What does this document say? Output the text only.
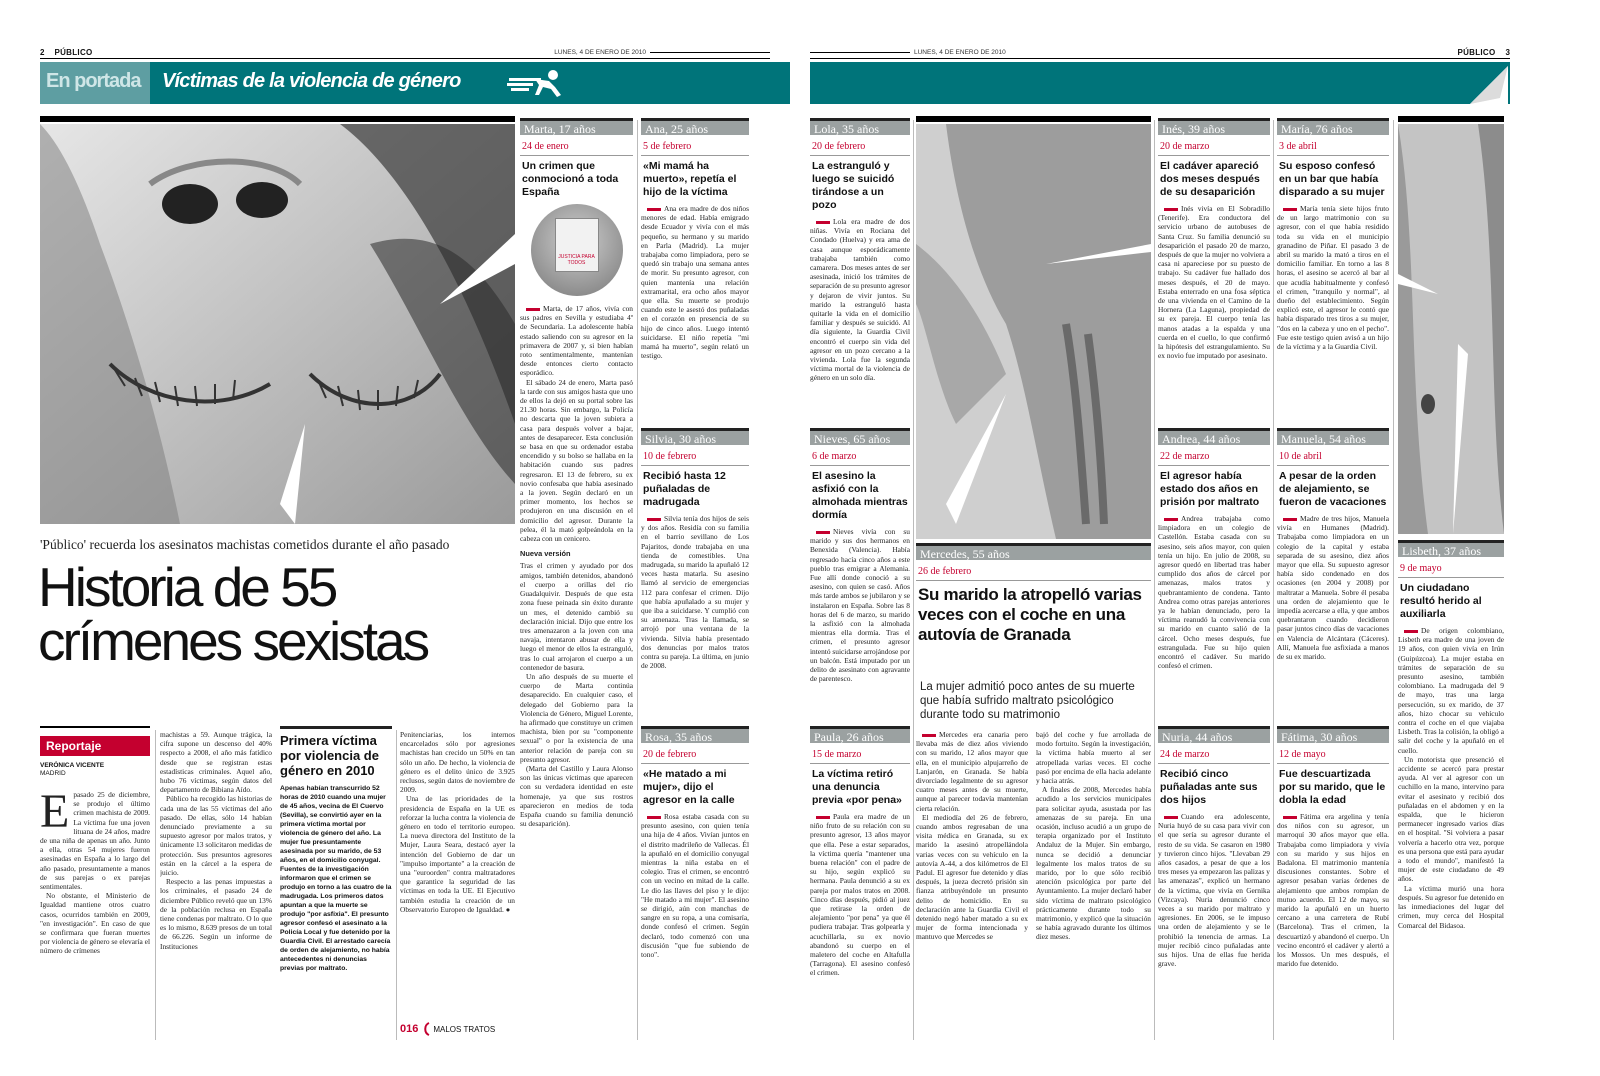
2 PÚBLICO	LUNES, 4 DE ENERO DE 2010
En portada Víctimas de la violencia de género
'Público' recuerda los asesinatos machistas cometidos durante el año pasado
Historia de 55
crímenes sexistas
Reportaje
VERÓNICA VICENTE
MADRID
E pasado 25 de diciembre, se produjo el último crimen machista de 2009. La víctima fue una joven lituana de 24 años, madre de una niña de apenas un año. Junto a ella, otras 54 mujeres fueron asesinadas en España a lo largo del año pasado, presuntamente a manos de sus parejas o ex parejas sentimentales.

No obstante, el Ministerio de Igualdad mantiene otros cuatro casos, ocurridos también en 2009, "en investigación". En caso de que se confirmara que fueran muertes por violencia de género se elevaría el número de crímenes

machistas a 59. Aunque trágica, la cifra supone un descenso del 40% respecto a 2008, el año más fatídico desde que se registran estas estadísticas criminales. Aquel año, hubo 76 víctimas, según datos del departamento de Bibiana Aído.

Público ha recogido las historias de cada una de las 55 víctimas del año pasado. De ellas, sólo 14 habían denunciado previamente a su supuesto agresor por malos tratos, y únicamente 13 solicitaron medidas de protección. Sus presuntos agresores están en la cárcel a la espera de juicio.

Respecto a las penas impuestas a los criminales, el pasado 24 de diciembre Público reveló que un 13% de la población reclusa en España tiene condenas por maltrato. O lo que es lo mismo, 8.639 presos de un total de 66.226. Según un informe de Instituciones

Primera víctima por violencia de género en 2010
Apenas habían transcurrido 52 horas de 2010 cuando una mujer de 45 años, vecina de El Cuervo (Sevilla), se convirtió ayer en la primera víctima mortal por violencia de género del año. La mujer fue presuntamente asesinada por su marido, de 53 años, en el domicilio conyugal. Fuentes de la investigación informaron que el crimen se produjo en torno a las cuatro de la madrugada. Los primeros datos apuntan a que la muerte se produjo "por asfixia". El presunto agresor confesó el asesinato a la Policía Local y fue detenido por la Guardia Civil. El arrestado carecía de orden de alejamiento, no había antecedentes ni denuncias previas por maltrato.

Penitenciarias, los internos encarcelados sólo por agresiones machistas han crecido un 50% en tan sólo un año. De hecho, la violencia de género es el delito único de 3.925 reclusos, según datos de noviembre de 2009.

Una de las prioridades de la presidencia de España en la UE es reforzar la lucha contra la violencia de género en todo el territorio europeo. La nueva directora del Instituto de la Mujer, Laura Seara, destacó ayer la intención del Gobierno de dar un "impulso importante" a la creación de una "euroorden" contra maltratadores que garantice la seguridad de las víctimas en toda la UE. El Ejecutivo también estudia la creación de un Observatorio Europeo de Igualdad. ●

016 MALOS TRATOS
Marta, 17 años
24 de enero
Un crimen que conmocionó a toda España
JUSTICIA PARA TODOS

Marta, de 17 años, vivía con sus padres en Sevilla y estudiaba 4º de Secundaria. La adolescente había estado saliendo con su agresor en la primavera de 2007 y, si bien habían roto sentimentalmente, mantenían desde entonces cierto contacto esporádico.

El sábado 24 de enero, Marta pasó la tarde con sus amigos hasta que uno de ellos la dejó en su portal sobre las 21.30 horas. Sin embargo, la Policía no descarta que la joven subiera a casa para después volver a bajar, antes de desaparecer. Esta conclusión se basa en que su ordenador estaba encendido y su bolso se hallaba en la habitación cuando sus padres regresaron. El 13 de febrero, su ex novio confesaba que había asesinado a la joven. Según declaró en un primer momento, los hechos se produjeron en una discusión en el domicilio del agresor. Durante la pelea, él la mató golpeándola en la cabeza con un cenicero.

Nueva versión

Tras el crimen y ayudado por dos amigos, también detenidos, abandonó el cuerpo a orillas del río Guadalquivir. Después de que esta zona fuese peinada sin éxito durante un mes, el detenido cambió su declaración inicial. Dijo que entre los tres amenazaron a la joven con una navaja, intentaron abusar de ella y luego el menor de ellos la estranguló, tras lo cual arrojaron el cuerpo a un contenedor de basura.

Un año después de su muerte el cuerpo de Marta continúa desaparecido. En cualquier caso, el delegado del Gobierno para la Violencia de Género, Miguel Lorente, ha afirmado que constituye un crimen machista, bien por su "componente sexual" o por la existencia de una anterior relación de pareja con su presunto agresor.

(Marta del Castillo y Laura Alonso son las únicas víctimas que aparecen con su verdadera identidad en este homenaje, ya que sus rostros aparecieron en medios de toda España cuando su familia denunció su desaparición).

Ana, 25 años
5 de febrero
«Mi mamá ha muerto», repetía el hijo de la víctima

Ana era madre de dos niños menores de edad. Había emigrado desde Ecuador y vivía con el más pequeño, su hermano y su marido en Parla (Madrid). La mujer trabajaba como limpiadora, pero se quedó sin trabajo una semana antes de morir. Su presunto agresor, con quien mantenía una relación extramarital, era ocho años mayor que ella. Su muerte se produjo cuando este le asestó dos puñaladas en el corazón en presencia de su hijo de cinco años. Luego intentó suicidarse. El niño repetía "mi mamá ha muerto", según relató un testigo.

Silvia, 30 años
10 de febrero
Recibió hasta 12 puñaladas de madrugada

Silvia tenía dos hijos de seis y dos años. Residía con su familia en el barrio sevillano de Los Pajaritos, donde trabajaba en una tienda de comestibles. Una madrugada, su marido la apuñaló 12 veces hasta matarla. Su asesino llamó al servicio de emergencias 112 para confesar el crimen. Dijo que había apuñalado a su mujer y que iba a suicidarse. Y cumplió con su amenaza. Tras la llamada, se arrojó por una ventana de la vivienda. Silvia había presentado dos denuncias por malos tratos contra su pareja. La última, en junio de 2008.

Rosa, 35 años
20 de febrero
«He matado a mi mujer», dijo el agresor en la calle

Rosa estaba casada con su presunto asesino, con quien tenía una hija de 4 años. Vivían juntos en el distrito madrileño de Vallecas. Él la apuñaló en el domicilio conyugal mientras la niña estaba en el colegio. Tras el crimen, se encontró con un vecino en mitad de la calle. Le dio las llaves del piso y le dijo: "He matado a mi mujer". El asesino se dirigió, aún con manchas de sangre en su ropa, a una comisaría, donde confesó el crimen. Según declaró, todo comenzó con una discusión "que fue subiendo de tono".

LUNES, 4 DE ENERO DE 2010	PÚBLICO 3
Lola, 35 años
20 de febrero
La estranguló y luego se suicidó tirándose a un pozo

Lola era madre de dos niñas. Vivía en Rociana del Condado (Huelva) y era ama de casa aunque esporádicamente trabajaba también como camarera. Dos meses antes de ser asesinada, inició los trámites de separación de su presunto agresor y dejaron de vivir juntos. Su marido la estranguló hasta quitarle la vida en el domicilio familiar y después se suicidó. Al día siguiente, la Guardia Civil encontró el cuerpo sin vida del agresor en un pozo cercano a la vivienda. Lola fue la segunda víctima mortal de la violencia de género en un solo día.

Nieves, 65 años
6 de marzo
El asesino la asfixió con la almohada mientras dormía

Nieves vivía con su marido y sus dos hermanos en Benexida (Valencia). Había regresado hacía cinco años a este pueblo tras emigrar a Alemania. Fue allí donde conoció a su asesino, con quien se casó. Años más tarde ambos se jubilaron y se instalaron en España. Sobre las 8 horas del 6 de marzo, su marido la asfixió con la almohada mientras ella dormía. Tras el crimen, el presunto agresor intentó suicidarse arrojándose por un balcón. Está imputado por un delito de asesinato con agravante de parentesco.

Paula, 26 años
15 de marzo
La víctima retiró una denuncia previa «por pena»

Paula era madre de un niño fruto de su relación con su presunto agresor, 13 años mayor que ella. Pese a estar separados, la víctima quería "mantener una buena relación" con el padre de su hijo, según explicó su hermana. Paula denunció a su ex pareja por malos tratos en 2008. Cinco días después, pidió al juez que retirase la orden de alejamiento "por pena" ya que él pudiera trabajar. Tras golpearla y acuchillarla, su ex novio abandonó su cuerpo en el maletero del coche en Altafulla (Tarragona). El asesino confesó el crimen.

Mercedes, 55 años
26 de febrero
Su marido la atropelló varias veces con el coche en una autovía de Granada
La mujer admitió poco antes de su muerte que había sufrido maltrato psicológico durante todo su matrimonio

Mercedes era canaria pero llevaba más de diez años viviendo con su marido, 12 años mayor que ella, en el municipio alpujarreño de Lanjarón, en Granada. Se había divorciado legalmente de su agresor cuatro meses antes de su muerte, aunque al parecer todavía mantenían cierta relación.

El mediodía del 26 de febrero, cuando ambos regresaban de una visita médica en Granada, su ex marido la asesinó atropellándola varias veces con su vehículo en la autovía A-44, a dos kilómetros de El Padul. El agresor fue detenido y días después, la jueza decretó prisión sin fianza atribuyéndole un presunto delito de homicidio. En su declaración ante la Guardia Civil el detenido negó haber matado a su ex mujer de forma intencionada y mantuvo que Mercedes se

bajó del coche y fue arrollada de modo fortuito. Según la investigación, la víctima había muerto al ser atropellada varias veces. El coche pasó por encima de ella hacia adelante y hacia atrás.

A finales de 2008, Mercedes había acudido a los servicios municipales para solicitar ayuda, asustada por las amenazas de su pareja. En una ocasión, incluso acudió a un grupo de terapia organizado por el Instituto Andaluz de la Mujer. Sin embargo, nunca se decidió a denunciar legalmente los malos tratos de su marido, por lo que sólo recibió atención psicológica por parte del Ayuntamiento. La mujer declaró haber sido víctima de maltrato psicológico prácticamente durante todo su matrimonio, y explicó que la situación se había agravado durante los últimos diez meses.

Inés, 39 años
20 de marzo
El cadáver apareció dos meses después de su desaparición

Inés vivía en El Sobradillo (Tenerife). Era conductora del servicio urbano de autobuses de Santa Cruz. Su familia denunció su desaparición el pasado 20 de marzo, después de que la mujer no volviera a casa ni apareciese por su puesto de trabajo. Su cadáver fue hallado dos meses después, el 20 de mayo. Estaba enterrado en una fosa séptica de una vivienda en el Camino de la Hornera (La Laguna), propiedad de su ex pareja. El cuerpo tenía las manos atadas a la espalda y una cuerda en el cuello, lo que confirmó la hipótesis del estrangulamiento. Su ex novio fue imputado por asesinato.

Andrea, 44 años
22 de marzo
El agresor había estado dos años en prisión por maltrato

Andrea trabajaba como limpiadora en un colegio de Castellón. Estaba casada con su asesino, seis años mayor, con quien tenía un hijo. En julio de 2008, su agresor quedó en libertad tras haber cumplido dos años de cárcel por amenazas, malos tratos y quebrantamiento de condena. Tanto Andrea como otras parejas anteriores ya le habían denunciado, pero la víctima reanudó la convivencia con su marido en cuanto salió de la cárcel. Ocho meses después, fue estrangulada. Fue su hijo quien encontró el cadáver. Su marido confesó el crimen.

Nuria, 44 años
24 de marzo
Recibió cinco puñaladas ante sus dos hijos

Cuando era adolescente, Nuria huyó de su casa para vivir con el que sería su agresor durante el resto de su vida. Se casaron en 1980 y tuvieron cinco hijos. "Llevaban 29 años casados, a pesar de que a los tres meses ya empezaron las palizas y las amenazas", explicó un hermano de la víctima, que vivía en Gernika (Vizcaya). Nuria denunció cinco veces a su marido por maltrato y agresiones. En 2006, se le impuso una orden de alejamiento y se le prohibió la tenencia de armas. La mujer recibió cinco puñaladas ante sus hijos. Una de ellas fue herida grave.

María, 76 años
3 de abril
Su esposo confesó en un bar que había disparado a su mujer

María tenía siete hijos fruto de un largo matrimonio con su agresor, con el que había residido toda su vida en el municipio granadino de Piñar. El pasado 3 de abril su marido la mató a tiros en el domicilio familiar. En torno a las 8 horas, el asesino se acercó al bar al que acudía habitualmente y confesó el crimen, "tranquilo y normal", al dueño del establecimiento. Según explicó este, el agresor le contó que había disparado tres tiros a su mujer, "dos en la cabeza y uno en el pecho". Fue este testigo quien avisó a un hijo de la víctima y a la Guardia Civil.

Manuela, 54 años
10 de abril
A pesar de la orden de alejamiento, se fueron de vacaciones

Madre de tres hijos, Manuela vivía en Humanes (Madrid). Trabajaba como limpiadora en un colegio de la capital y estaba separada de su asesino, diez años mayor que ella. Su supuesto agresor había sido condenado en dos ocasiones (en 2004 y 2008) por maltratar a Manuela. Sobre él pesaba una orden de alejamiento que le impedía acercarse a ella, y que ambos quebrantaron cuando decidieron pasar juntos cinco días de vacaciones en Valencia de Alcántara (Cáceres). Allí, Manuela fue asfixiada a manos de su ex marido.

Fátima, 30 años
12 de mayo
Fue descuartizada por su marido, que le dobla la edad

Fátima era argelina y tenía dos niños con su agresor, un marroquí 30 años mayor que ella. Trabajaba como limpiadora y vivía con su marido y sus hijos en Badalona. El matrimonio mantenía discusiones constantes. Sobre el agresor pesaban varias órdenes de alejamiento que ambos rompían de mutuo acuerdo. El 12 de mayo, su marido la apuñaló en un huerto cercano a una carretera de Rubí (Barcelona). Tras el crimen, la descuartizó y abandonó el cuerpo. Un vecino encontró el cadáver y alertó a los Mossos. Un mes después, el marido fue detenido.

Lisbeth, 37 años
9 de mayo
Un ciudadano resultó herido al auxiliarla

De origen colombiano, Lisbeth era madre de una joven de 19 años, con quien vivía en Irún (Guipúzcoa). La mujer estaba en trámites de separación de su presunto asesino, también colombiano. La madrugada del 9 de mayo, tras una larga persecución, su ex marido, de 37 años, hizo chocar su vehículo contra el coche en el que viajaba Lisbeth. Tras la colisión, la obligó a salir del coche y la apuñaló en el cuello.

Un motorista que presenció el accidente se acercó para prestar ayuda. Al ver al agresor con un cuchillo en la mano, intervino para evitar el asesinato y recibió dos puñaladas en el abdomen y en la espalda, que le hicieron permanecer ingresado varios días en el hospital. "Si volviera a pasar volvería a hacerlo otra vez, porque es una persona que está para ayudar a todo el mundo", manifestó la mujer de este ciudadano de 49 años.

La víctima murió una hora después. Su agresor fue detenido en las inmediaciones del lugar del crimen, muy cerca del Hospital Comarcal del Bidasoa.
